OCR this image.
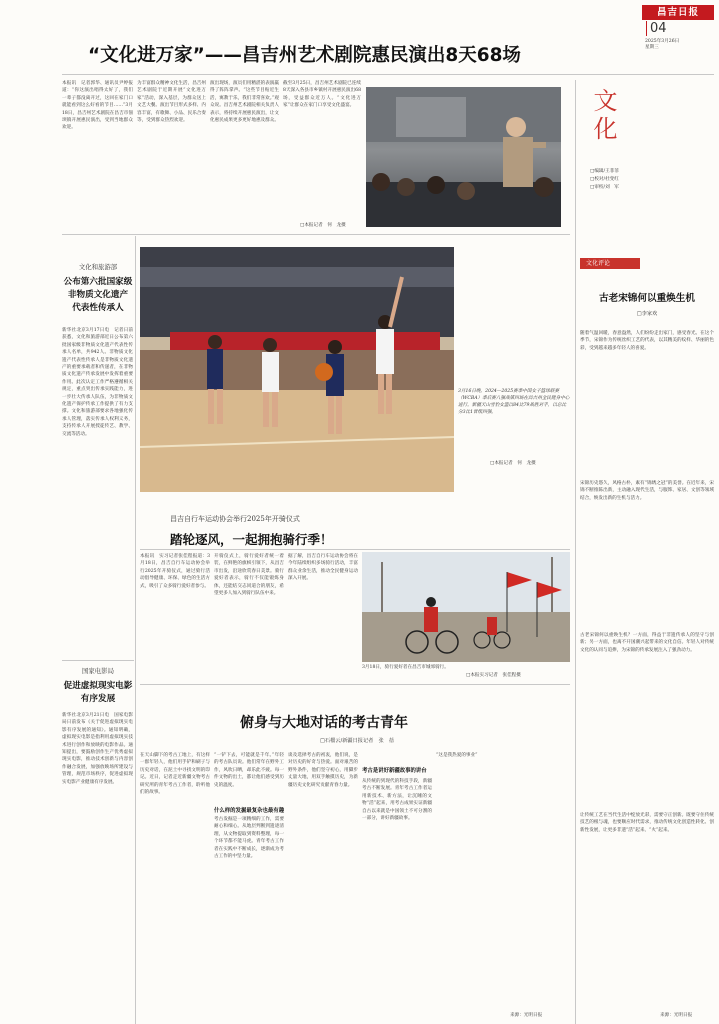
昌吉日报
04
2025年3月26日
星期三
“文化进万家”——昌吉州艺术剧院惠民演出8天68场
本报讯　记者郭华、通讯员尹婷报道：“你这演出唱得太好了，我们一辈子都没离开过，这回在家门口就能看到这么好看的节目……”3月18日，昌吉州艺术剧院在昌吉市佃坝镇开展惠民演出，受到当地群众欢迎。
为丰富群众精神文化生活，昌吉州艺术剧院于近期开展“文化进万家”活动，深入基层，为群众送上文艺大餐。演出节目形式多样、内容丰富，有歌舞、小品、民乐合奏等，受到群众热烈欢迎。
演出现场，演员们用精湛的表演赢得了阵阵掌声。“这些节目贴近生活，寓教于乐，我们非常喜欢。”观众说。昌吉州艺术剧院相关负责人表示，将持续开展惠民演出，让文化惠民成果更多更好地惠及群众。
截至3月25日，昌吉州艺术剧院已连续8天深入各县市乡镇村开展惠民演出68场，受益群众近万人。“文化进万家”让群众在家门口享受文化盛宴。
□本报记者　何　龙摄
文化
□编辑/王菲菲
□校对/杜变红
□审校/刘　军
文化和旅游部
公布第六批国家级
非物质文化遗产
代表性传承人
新华社北京3月17日电　记者日前获悉，文化和旅游部近日公布第六批国家级非物质文化遗产代表性传承人名单，共942人。非物质文化遗产代表性传承人是非物质文化遗产的重要承载者和传递者，在非物质文化遗产传承发展中发挥着重要作用。此次认定工作严格遵循相关规定，重点突出传承实践能力，进一步壮大传承人队伍，为非物质文化遗产保护传承工作提供了有力支撑。文化和旅游部要求各地强化传承人管理，落实传承人权利义务，支持传承人开展授徒传艺、教学、交流等活动。
国家电影局
促进虚拟现实电影
有序发展
新华社北京3月21日电　国家电影局日前发布《关于促进虚拟现实电影有序发展的通知》。通知明确，虚拟现实电影是指利用虚拟现实技术进行创作和放映的电影作品。通知提出，要鼓励创作生产优秀虚拟现实电影，推动技术创新与内容创作融合发展，加强放映场所建设与管理，规范市场秩序，促进虚拟现实电影产业健康有序发展。
3月16日晚，2024—2025赛季中国女子篮球联赛（WCBA）季后赛八强战第四场在昌吉州全民健身中心进行。新疆天山雪豹女篮以84比79战胜对手，以总比分3比1晋级四强。
□本报记者　何　龙摄
昌吉自行车运动协会举行2025年开骑仪式
踏轮逐风，一起拥抱骑行季！
本报讯　实习记者张佳程报道：3月18日，昌吉自行车运动协会举行2025年开骑仪式，通过骑行活动倡导健康、环保、绿色的生活方式，吸引了众多骑行爱好者参与。
开骑仪式上，骑行爱好者统一着装，在鲜艳的旗帜引领下，从昌吉市出发，沿途欣赏春日美景。骑行爱好者表示，骑行不仅能锻炼身体，还能结交志同道合的朋友，希望更多人加入到骑行队伍中来。
据了解，昌吉自行车运动协会将在今年陆续组织多场骑行活动，丰富群众业余生活，推动全民健身运动深入开展。
3月18日，骑行爱好者在昌吉市城郊骑行。
□本报实习记者　张佳程摄
俯身与大地对话的考古青年
□石榴云/新疆日报记者　张　蓓
在天山脚下的考古工地上，有这样一群年轻人，他们用手铲和刷子与历史对话，在泥土中寻找文明的印记。近日，记者走近新疆文物考古研究所的青年考古工作者，聆听他们的故事。
“一铲下去，可能就是千年。”年轻的考古队员说。他们常年在野外工作，风吹日晒，却乐此不疲。每一件文物的出土，都让他们感受到历史的温度。
什么样的发掘最复杂也最有趣
考古发掘是一项精细的工作，需要耐心和细心。从地层判断到遗迹清理，从文物提取到资料整理，每一个环节都不能马虎。青年考古工作者在实践中不断成长，逐渐成为考古工作的中坚力量。
谈及选择考古的初衷，他们说，是对历史的好奇与热爱。面对艰苦的野外条件，他们坚守初心，用脚步丈量大地，用双手触摸历史，为新疆历史文化研究贡献青春力量。
考古是讲好新疆故事的讲台
从传统的到现代的科技手段，新疆考古不断发展。青年考古工作者运用新技术、新方法，让沉睡的文物“活”起来，用考古成果实证新疆自古以来就是中国领土不可分割的一部分，讲好新疆故事。
“这是我热爱的事业”
来源：光明日报
文化评论
古老宋锦何以重焕生机
□李家欢
随着气温回暖，春意盎然，人们纷纷走出家门，感受春光。在这个季节，宋锦作为传统丝织工艺的代表，以其精美的纹样、华丽的色彩，受到越来越多年轻人的喜爱。
宋锦历史悠久，风格古朴，素有“锦绣之冠”的美誉。在近年来，宋锦不断推陈出新，主动融入现代生活，与服饰、家居、文创等领域结合，焕发出新的生机与活力。
古老宋锦何以重焕生机？一方面，得益于非遗传承人的坚守与创新；另一方面，也离不开国潮兴起带来的文化自信。年轻人对传统文化的认同与追捧，为宋锦的传承发展注入了强劲动力。
让传统工艺在当代生活中绽放光彩，需要守正创新。既要守住传统技艺的根与魂，也要顺应时代需求，推动传统文化创造性转化、创新性发展，让更多非遗“活”起来、“火”起来。
来源：光明日报
